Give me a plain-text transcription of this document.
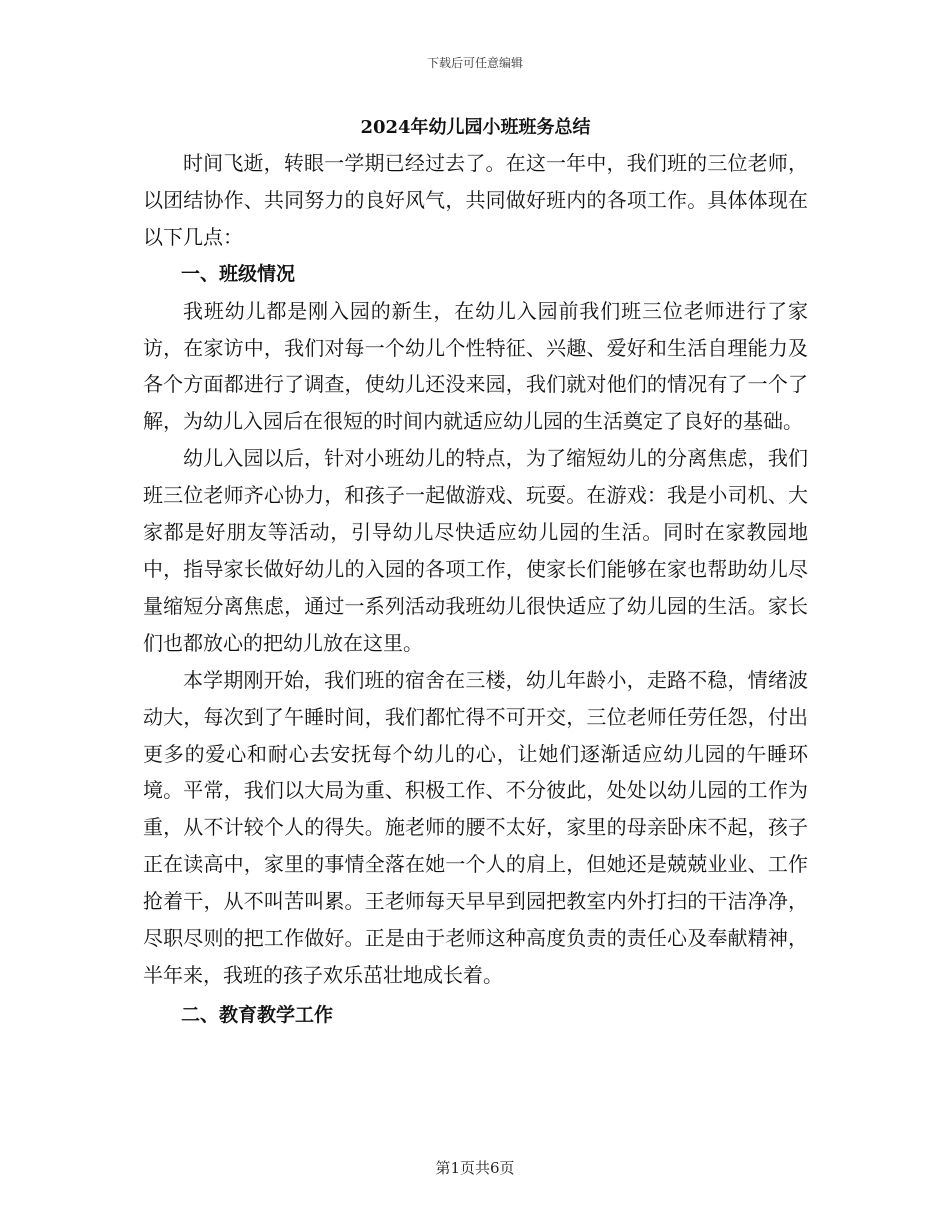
下载后可任意编辑
2024年幼儿园小班班务总结

时间飞逝，转眼一学期已经过去了。在这一年中，我们班的三位老师，以团结协作、共同努力的良好风气，共同做好班内的各项工作。具体体现在以下几点：

一、班级情况

我班幼儿都是刚入园的新生，在幼儿入园前我们班三位老师进行了家访，在家访中，我们对每一个幼儿个性特征、兴趣、爱好和生活自理能力及各个方面都进行了调查，使幼儿还没来园，我们就对他们的情况有了一个了解，为幼儿入园后在很短的时间内就适应幼儿园的生活奠定了良好的基础。

幼儿入园以后，针对小班幼儿的特点，为了缩短幼儿的分离焦虑，我们班三位老师齐心协力，和孩子一起做游戏、玩耍。在游戏：我是小司机、大家都是好朋友等活动，引导幼儿尽快适应幼儿园的生活。同时在家教园地中，指导家长做好幼儿的入园的各项工作，使家长们能够在家也帮助幼儿尽量缩短分离焦虑，通过一系列活动我班幼儿很快适应了幼儿园的生活。家长们也都放心的把幼儿放在这里。

本学期刚开始，我们班的宿舍在三楼，幼儿年龄小，走路不稳，情绪波动大，每次到了午睡时间，我们都忙得不可开交，三位老师任劳任怨，付出更多的爱心和耐心去安抚每个幼儿的心，让她们逐渐适应幼儿园的午睡环境。平常，我们以大局为重、积极工作、不分彼此，处处以幼儿园的工作为重，从不计较个人的得失。施老师的腰不太好，家里的母亲卧床不起，孩子正在读高中，家里的事情全落在她一个人的肩上，但她还是兢兢业业、工作抢着干，从不叫苦叫累。王老师每天早早到园把教室内外打扫的干洁净净，尽职尽则的把工作做好。正是由于老师这种高度负责的责任心及奉献精神，半年来，我班的孩子欢乐茁壮地成长着。

二、教育教学工作
第1页共6页
